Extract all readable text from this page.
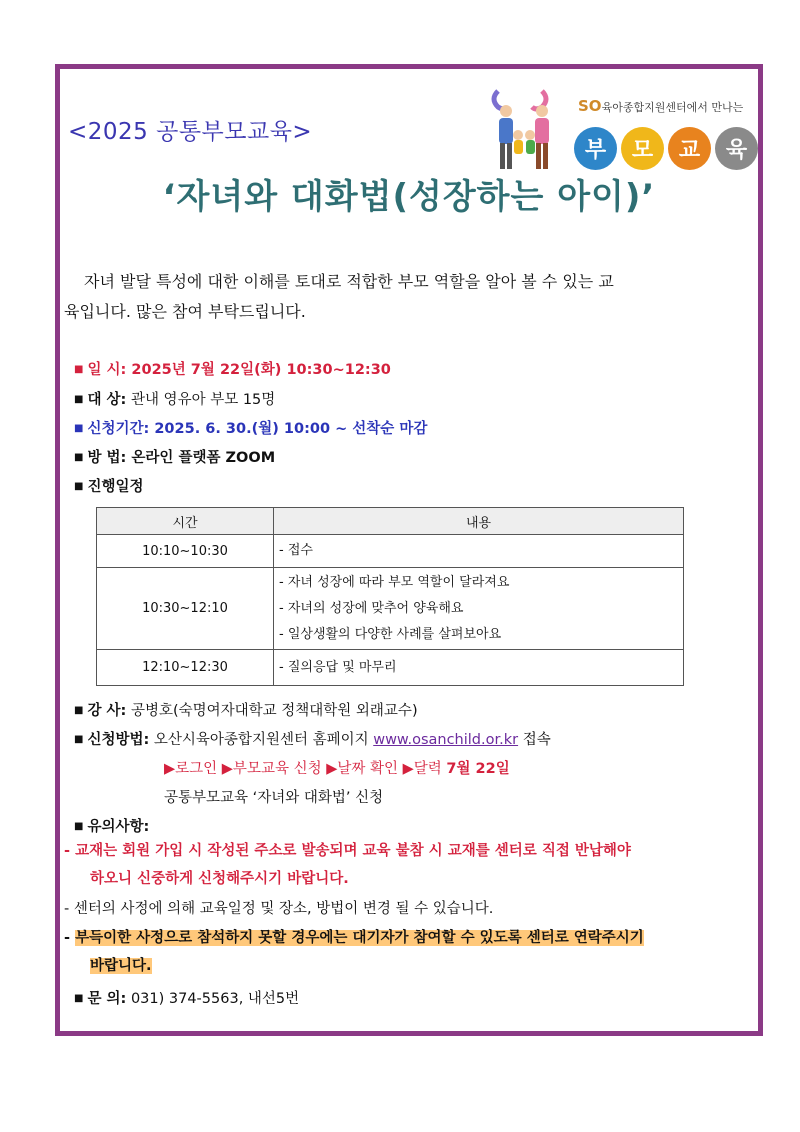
<2025 공통부모교육>
SO육아종합지원센터에서 만나는
부	모	교	육
‘자녀와 대화법(성장하는 아이)’
자녀 발달 특성에 대한 이해를 토대로 적합한 부모 역할을 알아 볼 수 있는 교
육입니다. 많은 참여 부탁드립니다.
■ 일 시: 2025년 7월 22일(화) 10:30~12:30
■ 대 상: 관내 영유아 부모 15명
■ 신청기간: 2025. 6. 30.(월) 10:00 ~ 선착순 마감
■ 방 법: 온라인 플랫폼 ZOOM
■ 진행일정
시간	내용
10:10~10:30	- 접수

10:30~12:10	- 자녀 성장에 따라 부모 역할이 달라져요
- 자녀의 성장에 맞추어 양육해요
- 일상생활의 다양한 사례를 살펴보아요

12:10~12:30	- 질의응답 및 마무리
■ 강 사: 공병호(숙명여자대학교 정책대학원 외래교수)
■ 신청방법: 오산시육아종합지원센터 홈페이지 www.osanchild.or.kr 접속
▶로그인 ▶부모교육 신청 ▶날짜 확인 ▶달력 7월 22일
공통부모교육 ‘자녀와 대화법’ 신청
■ 유의사항:
- 교재는 회원 가입 시 작성된 주소로 발송되며 교육 불참 시 교재를 센터로 직접 반납해야
하오니 신중하게 신청해주시기 바랍니다.
- 센터의 사정에 의해 교육일정 및 장소, 방법이 변경 될 수 있습니다.
- 부득이한 사정으로 참석하지 못할 경우에는 대기자가 참여할 수 있도록 센터로 연락주시기
바랍니다.
■ 문 의: 031) 374-5563, 내선5번
